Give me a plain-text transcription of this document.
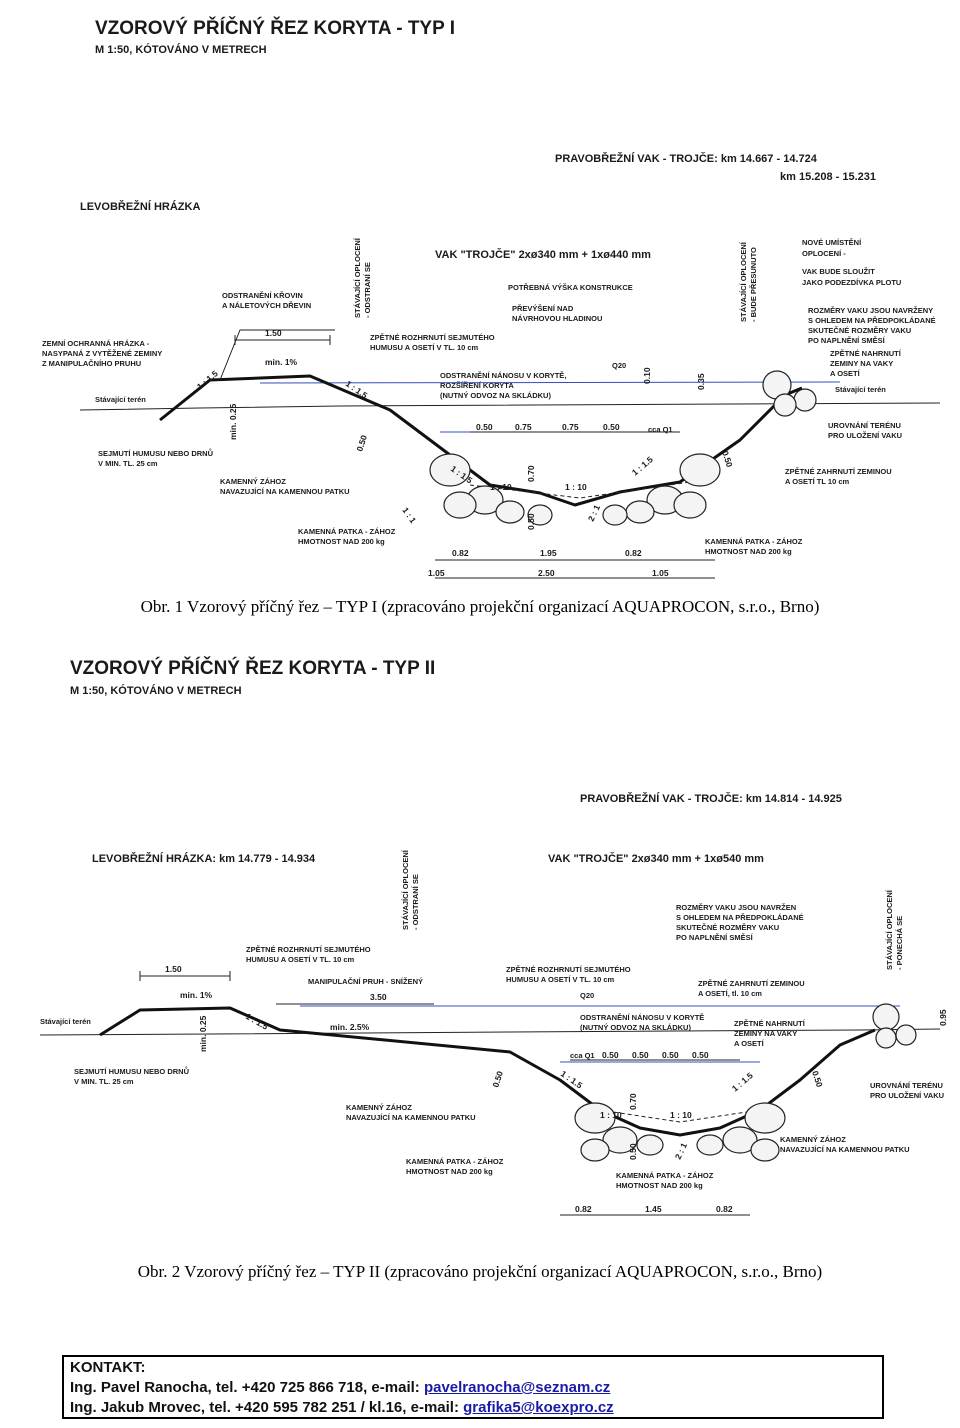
VZOROVÝ PŘÍČNÝ ŘEZ KORYTA - TYP I
M 1:50, KÓTOVÁNO V METRECH
PRAVOBŘEŽNÍ VAK - TROJČE: km 14.667 - 14.724
km 15.208 - 15.231
LEVOBŘEŽNÍ HRÁZKA
VAK "TROJČE" 2xø340 mm + 1xø440 mm
ODSTRANĚNÍ KŘOVIN
A NÁLETOVÝCH DŘEVIN	STÁVAJÍCÍ OPLOCENÍ - ODSTRANÍ SE
ZEMNÍ OCHRANNÁ HRÁZKA -
NASYPANÁ Z VYTĚŽENÉ ZEMINY
Z MANIPULAČNÍHO PRUHU
Stávající terén
SEJMUTÍ HUMUSU NEBO DRNŮ
V MIN. TL. 25 cm
KAMENNÝ ZÁHOZ
NAVAZUJÍCÍ NA KAMENNOU PATKU
KAMENNÁ PATKA - ZÁHOZ
HMOTNOST NAD 200 kg	KAMENNÁ PATKA - ZÁHOZ
HMOTNOST NAD 200 kg
POTŘEBNÁ VÝŠKA KONSTRUKCE
PŘEVÝŠENÍ NAD
NÁVRHOVOU HLADINOU
ZPĚTNÉ ROZHRNUTÍ SEJMUTÉHO
HUMUSU A OSETÍ V TL. 10 cm
ODSTRANĚNÍ NÁNOSU V KORYTĚ,
ROZŠÍŘENÍ KORYTA
(NUTNÝ ODVOZ NA SKLÁDKU)
STÁVAJÍCÍ OPLOCENÍ - BUDE PŘESUNUTO
NOVÉ UMÍSTĚNÍ
OPLOCENÍ -
VAK BUDE SLOUŽIT
JAKO PODEZDÍVKA PLOTU
ROZMĚRY VAKU JSOU NAVRŽENY
S OHLEDEM NA PŘEDPOKLÁDANÉ
SKUTEČNÉ ROZMĚRY VAKU
PO NAPLNĚNÍ SMĚSÍ
ZPĚTNÉ NAHRNUTÍ
ZEMINY NA VAKY
A OSETÍ
Stávající terén
UROVNÁNÍ TERÉNU
PRO ULOŽENÍ VAKU
ZPĚTNÉ ZAHRNUTÍ ZEMINOU
A OSETÍ TL 10 cm
Q20
cca Q1
1.50
min. 1%
1 : 1.5	1 : 1.5
min. 0.25	0.50	0.75	0.75	0.50
0.10	0.35
0.50
0.50
1 : 10	1 : 10
1 : 1.5	1 : 1.5
0.70
0.50
1 : 1	2 : 1
0.82	1.95	0.82
1.05	2.50	1.05
Obr. 1 Vzorový příčný řez – TYP I (zpracováno projekční organizací AQUAPROCON, s.r.o., Brno)
VZOROVÝ PŘÍČNÝ ŘEZ KORYTA - TYP II
M 1:50, KÓTOVÁNO V METRECH
PRAVOBŘEŽNÍ VAK - TROJČE: km 14.814 - 14.925
LEVOBŘEŽNÍ HRÁZKA: km 14.779 - 14.934	VAK "TROJČE" 2xø340 mm + 1xø540 mm
STÁVAJÍCÍ OPLOCENÍ - ODSTRANÍ SE
ZPĚTNÉ ROZHRNUTÍ SEJMUTÉHO
HUMUSU A OSETÍ V TL. 10 cm
MANIPULAČNÍ PRUH - SNÍŽENÝ
Stávající terén
SEJMUTÍ HUMUSU NEBO DRNŮ
V MIN. TL. 25 cm
KAMENNÝ ZÁHOZ
NAVAZUJÍCÍ NA KAMENNOU PATKU
KAMENNÁ PATKA - ZÁHOZ
HMOTNOST NAD 200 kg	KAMENNÁ PATKA - ZÁHOZ
HMOTNOST NAD 200 kg
ZPĚTNÉ ROZHRNUTÍ SEJMUTÉHO
HUMUSU A OSETÍ V TL. 10 cm
ODSTRANĚNÍ NÁNOSU V KORYTĚ
(NUTNÝ ODVOZ NA SKLÁDKU)
ROZMĚRY VAKU JSOU NAVRŽEN
S OHLEDEM NA PŘEDPOKLÁDANÉ
SKUTEČNÉ ROZMĚRY VAKU
PO NAPLNĚNÍ SMĚSÍ
ZPĚTNÉ ZAHRNUTÍ ZEMINOU
A OSETÍ, tl. 10 cm
ZPĚTNÉ NAHRNUTÍ
ZEMINY NA VAKY
A OSETÍ
STÁVAJÍCÍ OPLOCENÍ - PONECHÁ SE
UROVNÁNÍ TERÉNU
PRO ULOŽENÍ VAKU
KAMENNÝ ZÁHOZ
NAVAZUJÍCÍ NA KAMENNOU PATKU
Q20
cca Q1
1.50
min. 1%	3.50
min. 2.5%
min. 0.25	1 : 1.5
0.50
0.50 0.50 0.50 0.50
1 : 10	1 : 10
0.70
0.50
1 : 1.5	1 : 1.5	0.50
2 : 1
0.95
0.82	1.45	0.82
Obr. 2 Vzorový příčný řez – TYP II (zpracováno projekční organizací AQUAPROCON, s.r.o., Brno)
KONTAKT:
Ing. Pavel Ranocha, tel. +420 725 866 718, e-mail: pavelranocha@seznam.cz
Ing. Jakub Mrovec, tel. +420 595 782 251 / kl.16, e-mail: grafika5@koexpro.cz
